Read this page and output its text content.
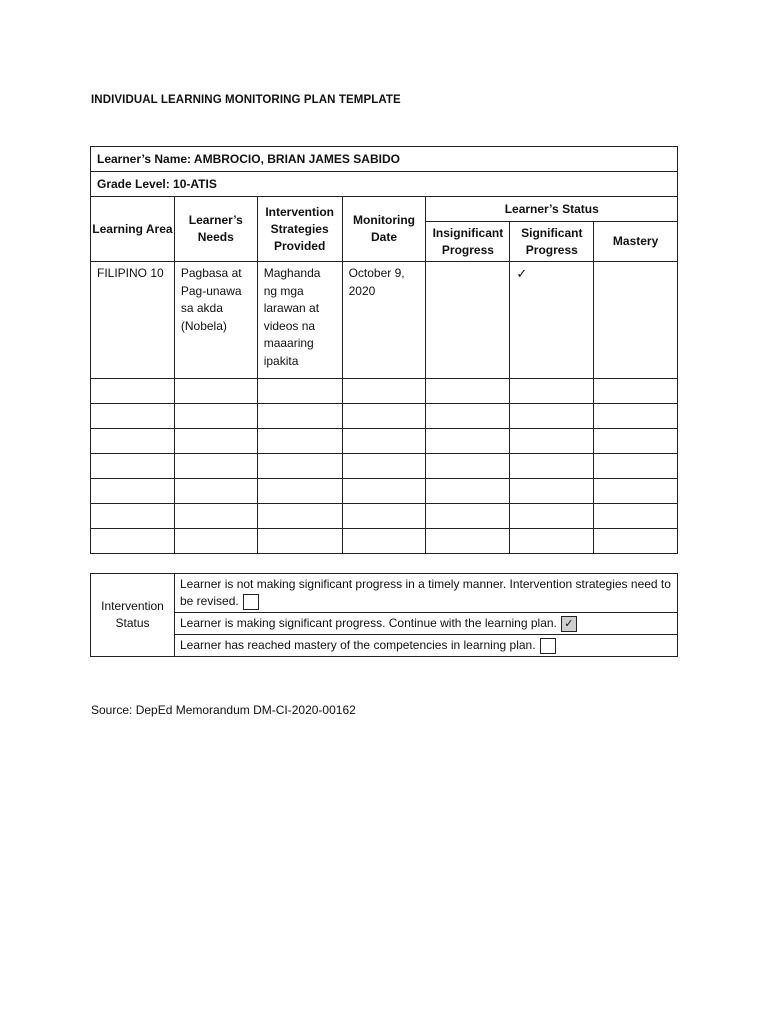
INDIVIDUAL LEARNING MONITORING PLAN TEMPLATE
Learner’s Name: AMBROCIO, BRIAN JAMES SABIDO						
Grade Level: 10-ATIS						
Learning Area	Learner’s Needs	Intervention Strategies Provided	Monitoring Date	Learner’s Status		
				Insignificant Progress	Significant Progress	Mastery
FILIPINO 10	Pagbasa at Pag-unawa sa akda (Nobela)	Maghanda ng mga larawan at videos na maaaring ipakita	October 9, 2020		✓	

Intervention Status	Learner is not making significant progress in a timely manner. Intervention strategies need to be revised.
Learner is making significant progress. Continue with the learning plan. ✓
Learner has reached mastery of the competencies in learning plan.
Source: DepEd Memorandum DM-CI-2020-00162
